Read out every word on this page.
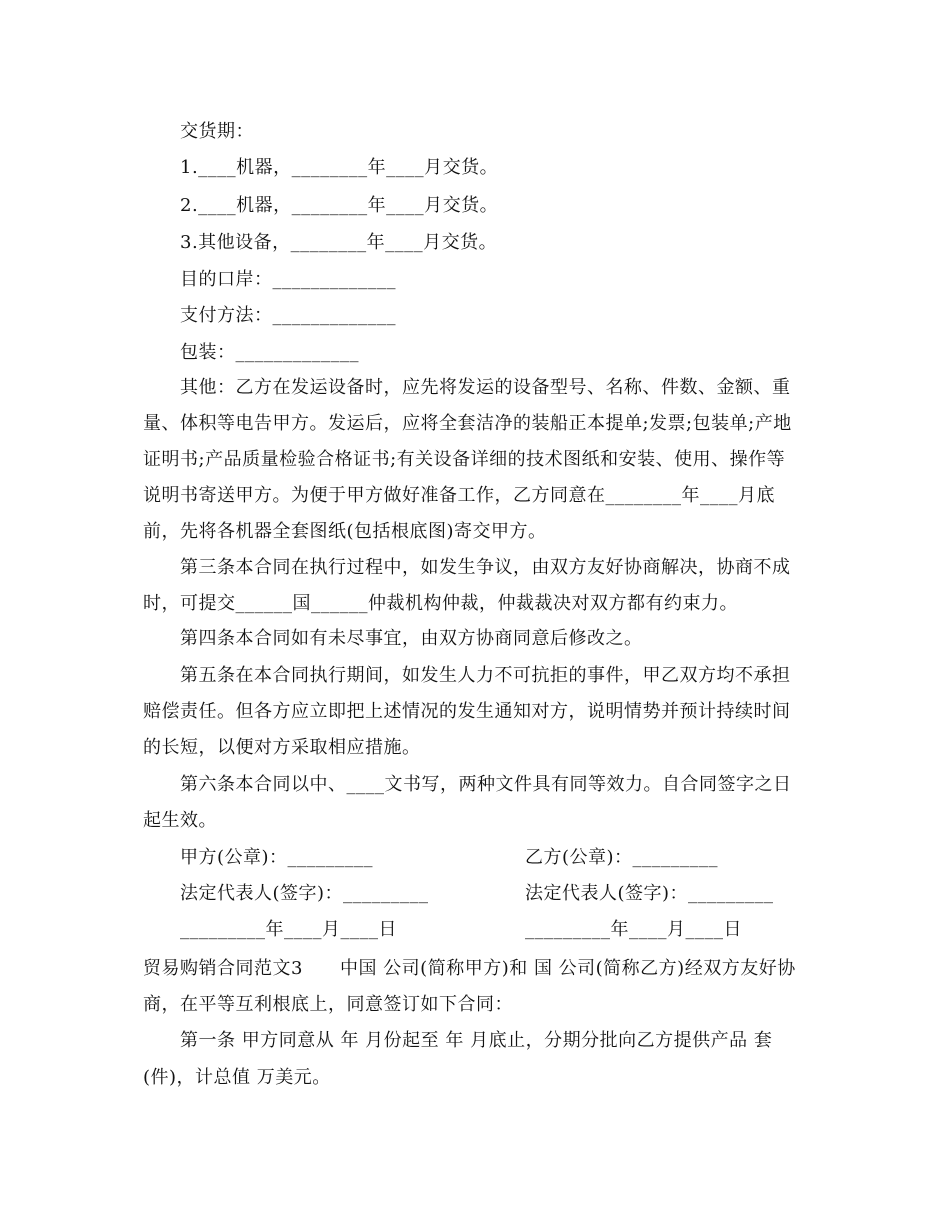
交货期：
1.____机器，________年____月交货。
2.____机器，________年____月交货。
3.其他设备，________年____月交货。
目的口岸：_____________
支付方法：_____________
包装：_____________
其他：乙方在发运设备时，应先将发运的设备型号、名称、件数、金额、重
量、体积等电告甲方。发运后，应将全套洁净的装船正本提单;发票;包装单;产地
证明书;产品质量检验合格证书;有关设备详细的技术图纸和安装、使用、操作等
说明书寄送甲方。为便于甲方做好准备工作，乙方同意在________年____月底
前，先将各机器全套图纸(包括根底图)寄交甲方。
第三条本合同在执行过程中，如发生争议，由双方友好协商解决，协商不成
时，可提交______国______仲裁机构仲裁，仲裁裁决对双方都有约束力。
第四条本合同如有未尽事宜，由双方协商同意后修改之。
第五条在本合同执行期间，如发生人力不可抗拒的事件，甲乙双方均不承担
赔偿责任。但各方应立即把上述情况的发生通知对方，说明情势并预计持续时间
的长短，以便对方采取相应措施。
第六条本合同以中、____文书写，两种文件具有同等效力。自合同签字之日
起生效。
甲方(公章)：_________	乙方(公章)：_________
法定代表人(签字)：_________	法定代表人(签字)：_________
_________年____月____日	_________年____月____日
贸易购销合同范文3　　中国 公司(简称甲方)和 国 公司(简称乙方)经双方友好协
商，在平等互利根底上，同意签订如下合同：
第一条 甲方同意从 年 月份起至 年 月底止，分期分批向乙方提供产品 套
(件)，计总值 万美元。
